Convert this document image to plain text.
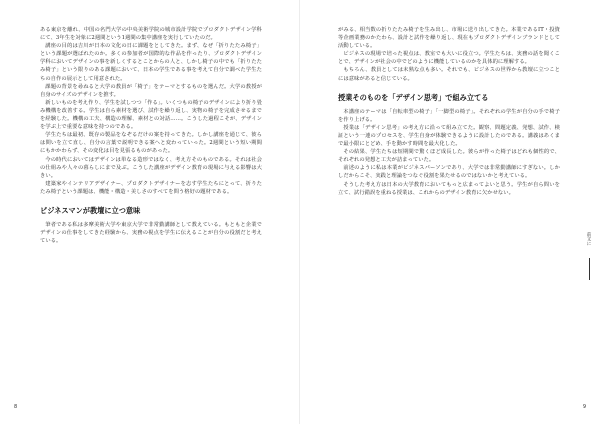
ある東京を離れ、中国の名門大学の中央美術学院の城市設計学院でプロダクトデザイン学科にて、3年生を対象に2週間という1週間の集中講座を実行していたのだ。

講座の目的は吉川が日本の文化の日に課題をとしてきた。まず、なぜ「折りたたみ椅子」という課題が選ばれたのか。多くの参加者が国際的な作品を作ったり、プロダクトデザイン学科においてデザインの事を新しくするとことからの人と、しかし椅子の中でも「折りたたみ椅子」という限りのある課題において、日本の学生である事を考えて自分で調べた学生たちの自作の展示として用意された。

課題の背景を尋ねると大学の教員が「椅子」をテーマとするものを選んだ。大学の教授が自身のサイズのデザインを推す。

新しいものを考え作り、学生を試しつつ「作る」。いくつもの椅子のデザインにより折り畳み機構を改善する。学生は自ら素材を選び、試作を繰り返し、実物の椅子を完成させるまでを経験した。機構の工夫、構造の理解、素材との対話……。こうした過程こそが、デザインを学ぶ上で重要な意味を持つのである。

学生たちは最初、既存の製品をなぞるだけの案を持ってきた。しかし講座を通じて、彼らは問いを立て直し、自分の言葉で説明できる案へと変わっていった。2週間という短い期間にもかかわらず、その変化は目を見張るものがあった。

今の時代においてはデザインは単なる造形ではなく、考え方そのものである。それは社会の仕組みや人々の暮らしにまで及ぶ。こうした講座がデザイン教育の現場に与える影響は大きい。

建築家やインテリアデザイナー、プロダクトデザイナーを志す学生たちにとって、折りたたみ椅子という課題は、機能・構造・美しさのすべてを問う格好の題材である。

ビジネスマンが教壇に立つ意味

筆者である私は多摩美術大学や東京大学で非常勤講師として教えている。もともと企業でデザインの仕事をしてきた経験から、実務の視点を学生に伝えることが自分の役割だと考えている。

8

がみる、相当数の折りたたみ椅子を生み出し、市場に送り出してきた。本業であるIT・投資等企画業務のかたわら、設計と試作を繰り返し、現在もプロダクトデザインブランドとして活動している。

ビジネスの現場で培った視点は、教室でも大いに役立つ。学生たちは、実務の話を聞くことで、デザインが社会の中でどのように機能しているのかを具体的に理解する。

もちろん、教員としては未熟な点も多い。それでも、ビジネスの世界から教壇に立つことには意味があると信じている。

授業そのものを「デザイン思考」で組み立てる

本講座のテーマは「自転車型の椅子」「一脚型の椅子」。それぞれの学生が自分の手で椅子を作り上げる。

授業は「デザイン思考」の考え方に沿って組み立てた。観察、問題定義、発想、試作、検証という一連のプロセスを、学生自身が体験できるように設計したのである。講義はあくまで最小限にとどめ、手を動かす時間を最大化した。

その結果、学生たちは短期間で驚くほど成長した。彼らが作った椅子はどれも個性的で、それぞれの発想と工夫が詰まっていた。

前述のように私は本業がビジネスパーソンであり、大学では非常勤講師にすぎない。しかしだからこそ、実践と理論をつなぐ役割を果たせるのではないかと考えている。

そうした考え方は日本の大学教育においてもっと広まってよいと思う。学生が自ら問いを立て、試行錯誤を重ねる授業は、これからのデザイン教育に欠かせない。

前文に
9
